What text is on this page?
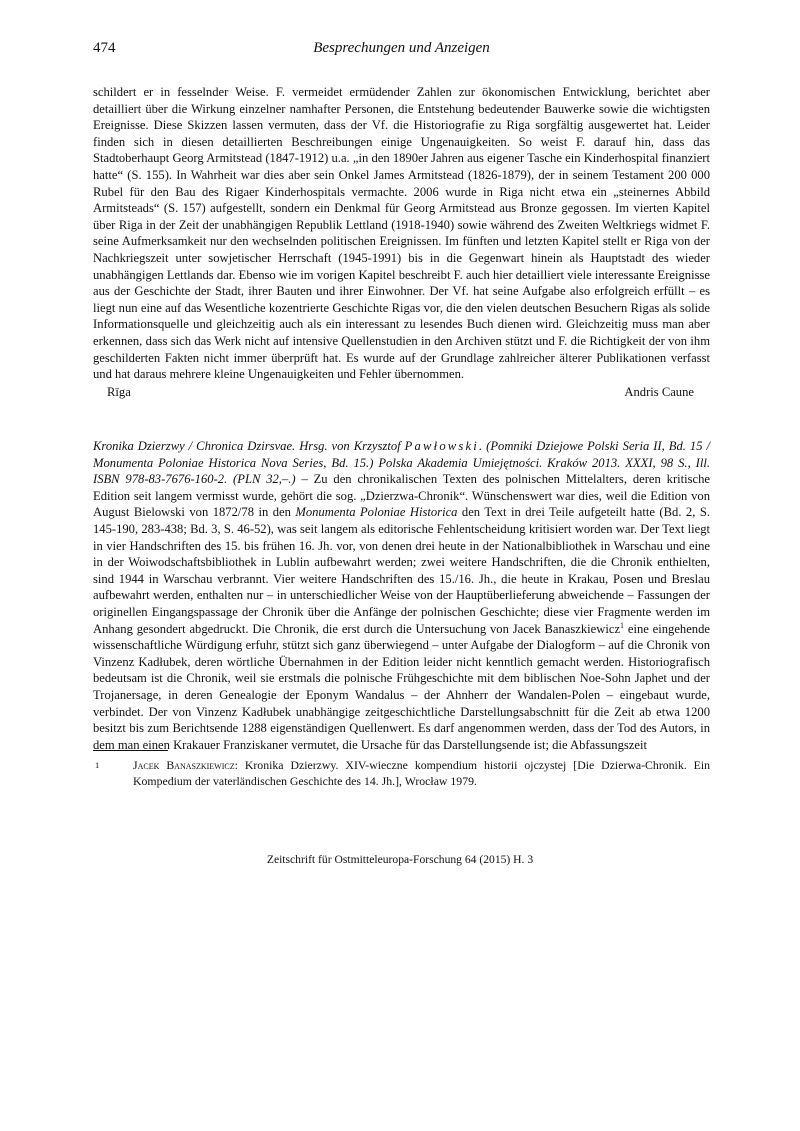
474	Besprechungen und Anzeigen

schildert er in fesselnder Weise. F. vermeidet ermüdender Zahlen zur ökonomischen Entwicklung, berichtet aber detailliert über die Wirkung einzelner namhafter Personen, die Entstehung bedeutender Bauwerke sowie die wichtigsten Ereignisse. Diese Skizzen lassen vermuten, dass der Vf. die Historiografie zu Riga sorgfältig ausgewertet hat. Leider finden sich in diesen detaillierten Beschreibungen einige Ungenauigkeiten. So weist F. darauf hin, dass das Stadtoberhaupt Georg Armitstead (1847-1912) u.a. „in den 1890er Jahren aus eigener Tasche ein Kinderhospital finanziert hatte“ (S. 155). In Wahrheit war dies aber sein Onkel James Armitstead (1826-1879), der in seinem Testament 200 000 Rubel für den Bau des Rigaer Kinderhospitals vermachte. 2006 wurde in Riga nicht etwa ein „steinernes Abbild Armitsteads“ (S. 157) aufgestellt, sondern ein Denkmal für Georg Armitstead aus Bronze gegossen. Im vierten Kapitel über Riga in der Zeit der unabhängigen Republik Lettland (1918-1940) sowie während des Zweiten Weltkriegs widmet F. seine Aufmerksamkeit nur den wechselnden politischen Ereignissen. Im fünften und letzten Kapitel stellt er Riga von der Nachkriegszeit unter sowjetischer Herrschaft (1945-1991) bis in die Gegenwart hinein als Hauptstadt des wieder unabhängigen Lettlands dar. Ebenso wie im vorigen Kapitel beschreibt F. auch hier detailliert viele interessante Ereignisse aus der Geschichte der Stadt, ihrer Bauten und ihrer Einwohner. Der Vf. hat seine Aufgabe also erfolgreich erfüllt – es liegt nun eine auf das Wesentliche kozentrierte Geschichte Rigas vor, die den vielen deutschen Besuchern Rigas als solide Informationsquelle und gleichzeitig auch als ein interessant zu lesendes Buch dienen wird. Gleichzeitig muss man aber erkennen, dass sich das Werk nicht auf intensive Quellenstudien in den Archiven stützt und F. die Richtigkeit der von ihm geschilderten Fakten nicht immer überprüft hat. Es wurde auf der Grundlage zahlreicher älterer Publikationen verfasst und hat daraus mehrere kleine Ungenauigkeiten und Fehler übernommen.

Rīga	Andris Caune

Kronika Dzierzwy / Chronica Dzirsvae. Hrsg. von Krzysztof Pawłowski. (Pomniki Dziejowe Polski Seria II, Bd. 15 / Monumenta Poloniae Historica Nova Series, Bd. 15.) Polska Akademia Umiejętności. Kraków 2013. XXXI, 98 S., Ill. ISBN 978-83-7676-160-2. (PLN 32,–.) – Zu den chronikalischen Texten des polnischen Mittelalters, deren kritische Edition seit langem vermisst wurde, gehört die sog. „Dzierzwa-Chronik“. Wünschenswert war dies, weil die Edition von August Bielowski von 1872/78 in den Monumenta Poloniae Historica den Text in drei Teile aufgeteilt hatte (Bd. 2, S. 145-190, 283-438; Bd. 3, S. 46-52), was seit langem als editorische Fehlentscheidung kritisiert worden war. Der Text liegt in vier Handschriften des 15. bis frühen 16. Jh. vor, von denen drei heute in der Nationalbibliothek in Warschau und eine in der Woiwodschaftsbibliothek in Lublin aufbewahrt werden; zwei weitere Handschriften, die die Chronik enthielten, sind 1944 in Warschau verbrannt. Vier weitere Handschriften des 15./16. Jh., die heute in Krakau, Posen und Breslau aufbewahrt werden, enthalten nur – in unterschiedlicher Weise von der Hauptüberlieferung abweichende – Fassungen der originellen Eingangspassage der Chronik über die Anfänge der polnischen Geschichte; diese vier Fragmente werden im Anhang gesondert abgedruckt. Die Chronik, die erst durch die Untersuchung von Jacek Banaszkiewicz$^1$ eine eingehende wissenschaftliche Würdigung erfuhr, stützt sich ganz überwiegend – unter Aufgabe der Dialogform – auf die Chronik von Vinzenz Kadłubek, deren wörtliche Übernahmen in der Edition leider nicht kenntlich gemacht werden. Historiografisch bedeutsam ist die Chronik, weil sie erstmals die polnische Frühgeschichte mit dem biblischen Noe-Sohn Japhet und der Trojanersage, in deren Genealogie der Eponym Wandalus – der Ahnherr der Wandalen-Polen – eingebaut wurde, verbindet. Der von Vinzenz Kadłubek unabhängige zeitgeschichtliche Darstellungsabschnitt für die Zeit ab etwa 1200 besitzt bis zum Berichtsende 1288 eigenständigen Quellenwert. Es darf angenommen werden, dass der Tod des Autors, in dem man einen Krakauer Franziskaner vermutet, die Ursache für das Darstellungsende ist; die Abfassungszeit

1	Jacek Banaszkiewicz: Kronika Dzierzwy. XIV-wieczne kompendium historii ojczystej [Die Dzierwa-Chronik. Ein Kompedium der vaterländischen Geschichte des 14. Jh.], Wrocław 1979.
Zeitschrift für Ostmitteleuropa-Forschung 64 (2015) H. 3
